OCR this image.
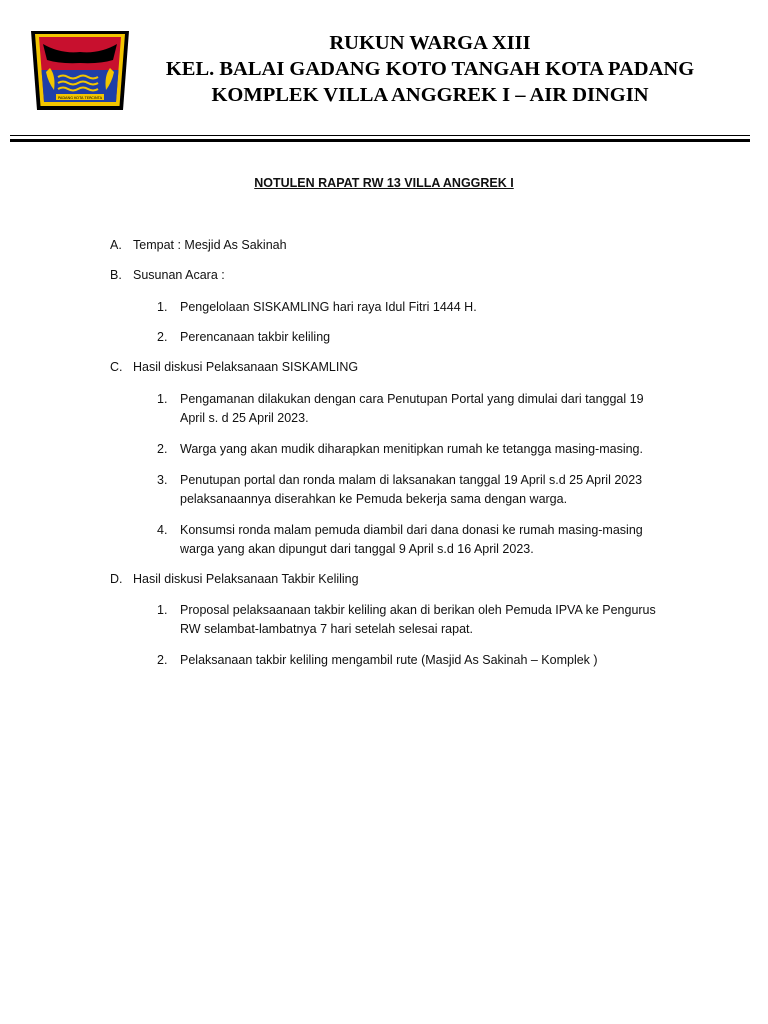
PADANG KOTA TERCINTA
RUKUN WARGA XIII
KEL. BALAI GADANG KOTO TANGAH KOTA PADANG
KOMPLEK VILLA ANGGREK I – AIR DINGIN
NOTULEN RAPAT RW 13 VILLA ANGGREK I
A. Tempat : Mesjid As Sakinah
B. Susunan Acara :
1. Pengelolaan SISKAMLING hari raya Idul Fitri 1444 H.
2. Perencanaan takbir keliling
C. Hasil diskusi Pelaksanaan SISKAMLING
1. Pengamanan dilakukan dengan cara Penutupan Portal yang dimulai dari tanggal 19
April s. d 25 April 2023.
2. Warga yang akan mudik diharapkan menitipkan rumah ke tetangga masing-masing.
3. Penutupan portal dan ronda malam di laksanakan tanggal 19 April s.d 25 April 2023
pelaksanaannya diserahkan ke Pemuda bekerja sama dengan warga.
4. Konsumsi ronda malam pemuda diambil dari dana donasi ke rumah masing-masing
warga yang akan dipungut dari tanggal 9 April s.d 16 April 2023.
D. Hasil diskusi Pelaksanaan Takbir Keliling
1. Proposal pelaksaanaan takbir keliling akan di berikan oleh Pemuda IPVA ke Pengurus
RW selambat-lambatnya 7 hari setelah selesai rapat.
2. Pelaksanaan takbir keliling mengambil rute (Masjid As Sakinah – Komplek )
